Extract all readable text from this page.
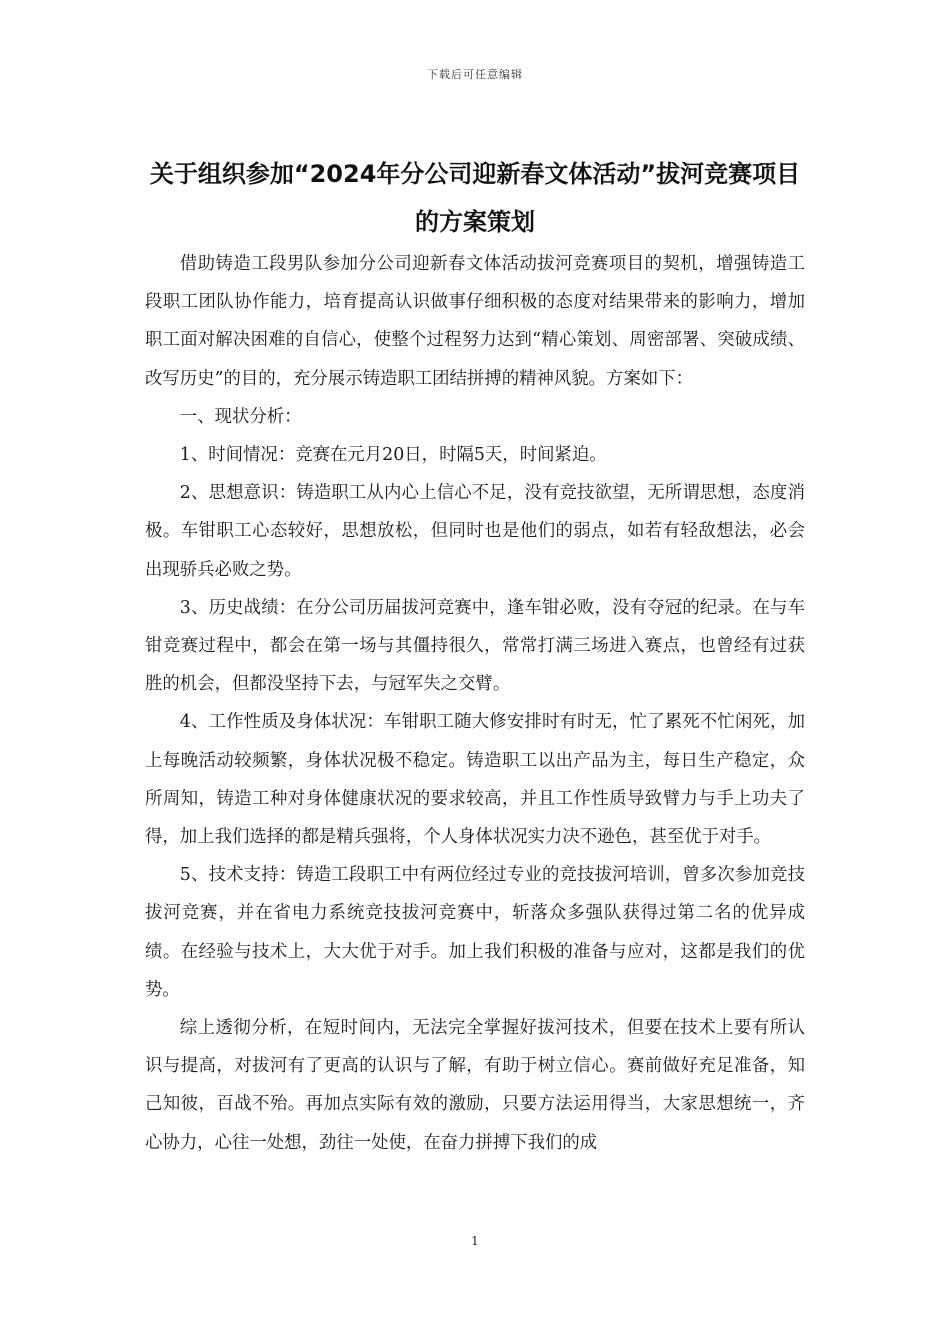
下载后可任意编辑
关于组织参加“2024年分公司迎新春文体活动”拔河竞赛项目的方案策划

借助铸造工段男队参加分公司迎新春文体活动拔河竞赛项目的契机，增强铸造工段职工团队协作能力，培育提高认识做事仔细积极的态度对结果带来的影响力，增加职工面对解决困难的自信心，使整个过程努力达到“精心策划、周密部署、突破成绩、改写历史”的目的，充分展示铸造职工团结拼搏的精神风貌。方案如下：

一、现状分析：

1、时间情况：竞赛在元月20日，时隔5天，时间紧迫。

2、思想意识：铸造职工从内心上信心不足，没有竞技欲望，无所谓思想，态度消极。车钳职工心态较好，思想放松，但同时也是他们的弱点，如若有轻敌想法，必会出现骄兵必败之势。

3、历史战绩：在分公司历届拔河竞赛中，逢车钳必败，没有夺冠的纪录。在与车钳竞赛过程中，都会在第一场与其僵持很久，常常打满三场进入赛点，也曾经有过获胜的机会，但都没坚持下去，与冠军失之交臂。

4、工作性质及身体状况：车钳职工随大修安排时有时无，忙了累死不忙闲死，加上每晚活动较频繁，身体状况极不稳定。铸造职工以出产品为主，每日生产稳定，众所周知，铸造工种对身体健康状况的要求较高，并且工作性质导致臂力与手上功夫了得，加上我们选择的都是精兵强将，个人身体状况实力决不逊色，甚至优于对手。

5、技术支持：铸造工段职工中有两位经过专业的竞技拔河培训，曾多次参加竞技拔河竞赛，并在省电力系统竞技拔河竞赛中，斩落众多强队获得过第二名的优异成绩。在经验与技术上，大大优于对手。加上我们积极的准备与应对，这都是我们的优势。

综上透彻分析，在短时间内，无法完全掌握好拔河技术，但要在技术上要有所认识与提高，对拔河有了更高的认识与了解，有助于树立信心。赛前做好充足准备，知己知彼，百战不殆。再加点实际有效的激励，只要方法运用得当，大家思想统一，齐心协力，心往一处想，劲往一处使，在奋力拼搏下我们的成

1
